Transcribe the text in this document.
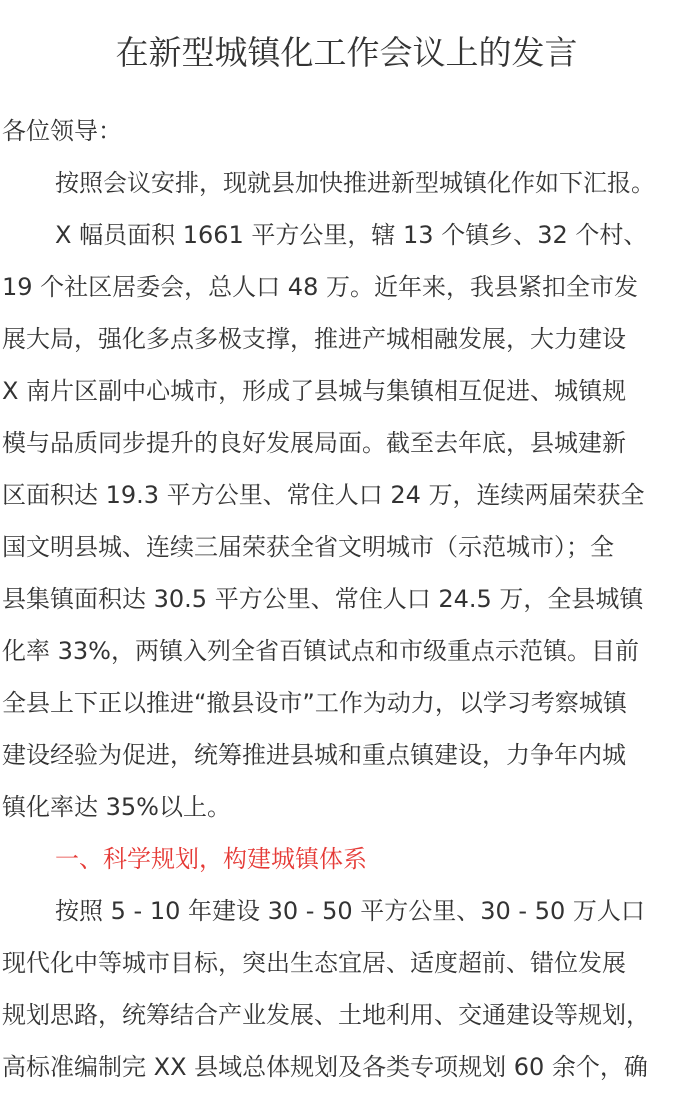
在新型城镇化工作会议上的发言
各位领导：
按照会议安排，现就县加快推进新型城镇化作如下汇报。
X 幅员面积 1661 平方公里，辖 13 个镇乡、32 个村、
19 个社区居委会，总人口 48 万。近年来，我县紧扣全市发
展大局，强化多点多极支撑，推进产城相融发展，大力建设
X 南片区副中心城市，形成了县城与集镇相互促进、城镇规
模与品质同步提升的良好发展局面。截至去年底，县城建新
区面积达 19.3 平方公里、常住人口 24 万，连续两届荣获全
国文明县城、连续三届荣获全省文明城市（示范城市）；全
县集镇面积达 30.5 平方公里、常住人口 24.5 万，全县城镇
化率 33%，两镇入列全省百镇试点和市级重点示范镇。目前
全县上下正以推进“撤县设市”工作为动力，以学习考察城镇
建设经验为促进，统筹推进县城和重点镇建设，力争年内城
镇化率达 35%以上。
一、科学规划，构建城镇体系
按照 5 - 10 年建设 30 - 50 平方公里、30 - 50 万人口
现代化中等城市目标，突出生态宜居、适度超前、错位发展
规划思路，统筹结合产业发展、土地利用、交通建设等规划，
高标准编制完 XX 县域总体规划及各类专项规划 60 余个，确
